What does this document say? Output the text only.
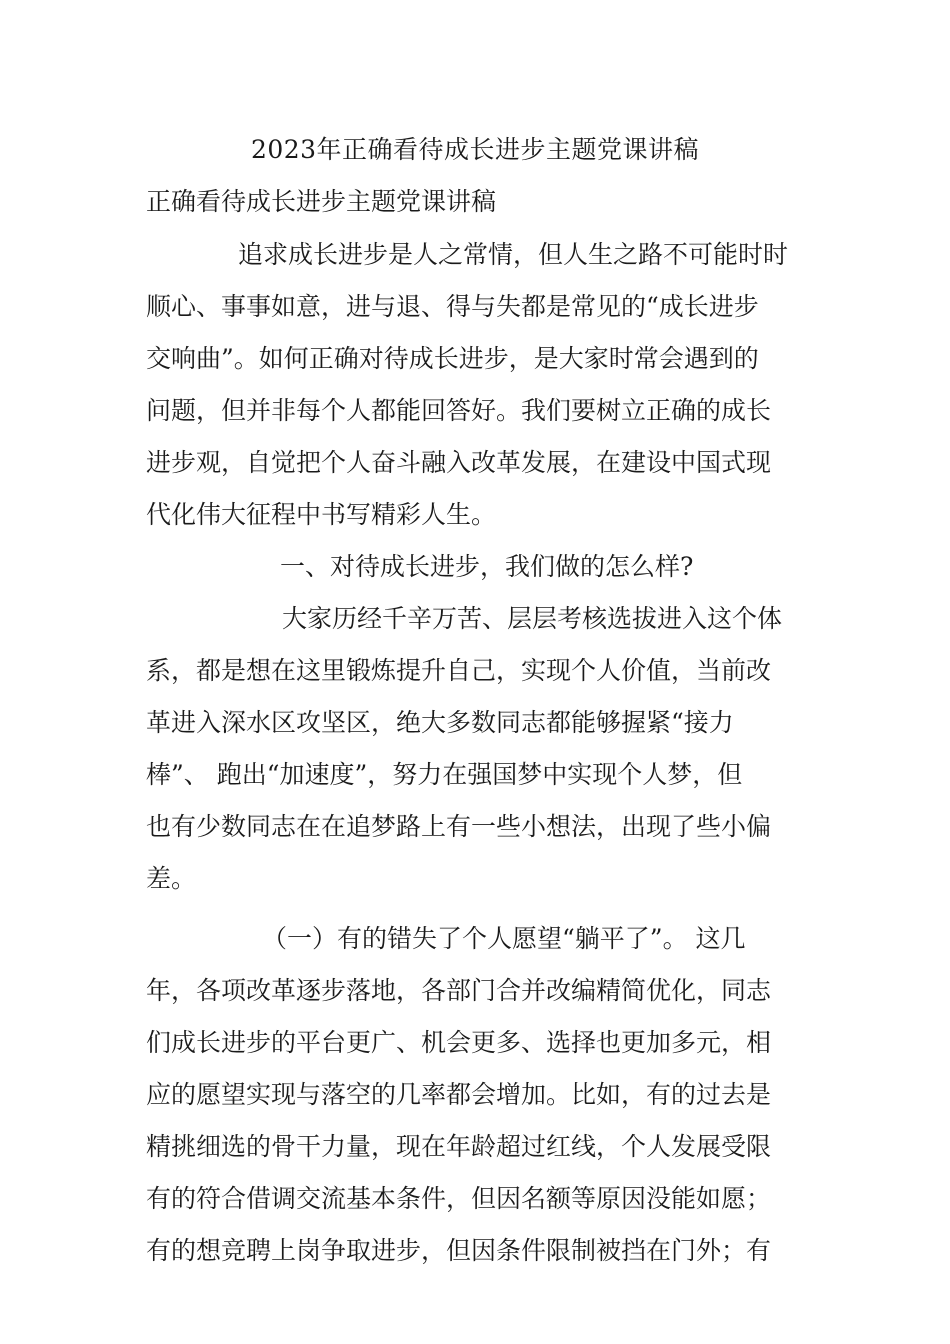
2023年正确看待成长进步主题党课讲稿
正确看待成长进步主题党课讲稿
追求成长进步是人之常情，但人生之路不可能时时
顺心、事事如意，进与退、得与失都是常见的“成长进步
交响曲”。如何正确对待成长进步，是大家时常会遇到的
问题，但并非每个人都能回答好。我们要树立正确的成长
进步观，自觉把个人奋斗融入改革发展，在建设中国式现
代化伟大征程中书写精彩人生。
一、对待成长进步，我们做的怎么样?
大家历经千辛万苦、层层考核选拔进入这个体
系，都是想在这里锻炼提升自己，实现个人价值，当前改
革进入深水区攻坚区，绝大多数同志都能够握紧“接力
棒”、 跑出“加速度”，努力在强国梦中实现个人梦，但
也有少数同志在在追梦路上有一些小想法，出现了些小偏
差。
（一）有的错失了个人愿望“躺平了”。 这几
年，各项改革逐步落地，各部门合并改编精简优化，同志
们成长进步的平台更广、机会更多、选择也更加多元，相
应的愿望实现与落空的几率都会增加。比如，有的过去是
精挑细选的骨干力量，现在年龄超过红线，个人发展受限
有的符合借调交流基本条件，但因名额等原因没能如愿；
有的想竞聘上岗争取进步，但因条件限制被挡在门外；有
